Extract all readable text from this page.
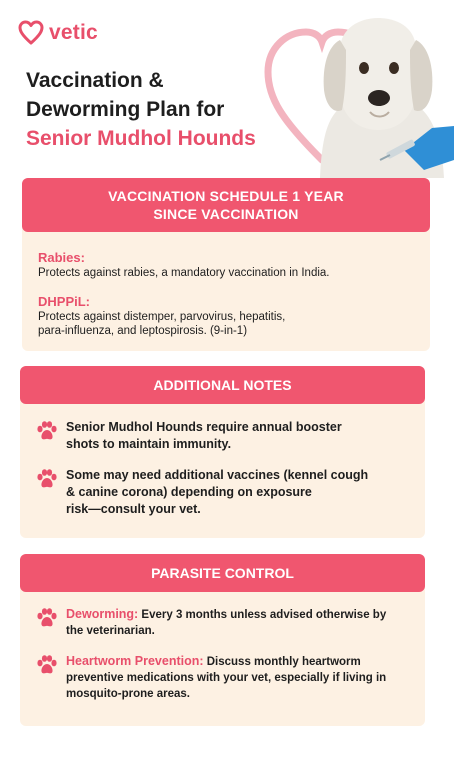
vetic
Vaccination &
Deworming Plan for
Senior Mudhol Hounds
VACCINATION SCHEDULE 1 YEAR
SINCE VACCINATION
Rabies:
Protects against rabies, a mandatory vaccination in India.
DHPPiL:
Protects against distemper, parvovirus, hepatitis,
para-influenza, and leptospirosis. (9-in-1)
ADDITIONAL NOTES
Senior Mudhol Hounds require annual booster
shots to maintain immunity.
Some may need additional vaccines (kennel cough
& canine corona) depending on exposure
risk—consult your vet.
PARASITE CONTROL
Deworming: Every 3 months unless advised otherwise by
the veterinarian.
Heartworm Prevention: Discuss monthly heartworm
preventive medications with your vet, especially if living in
mosquito-prone areas.
